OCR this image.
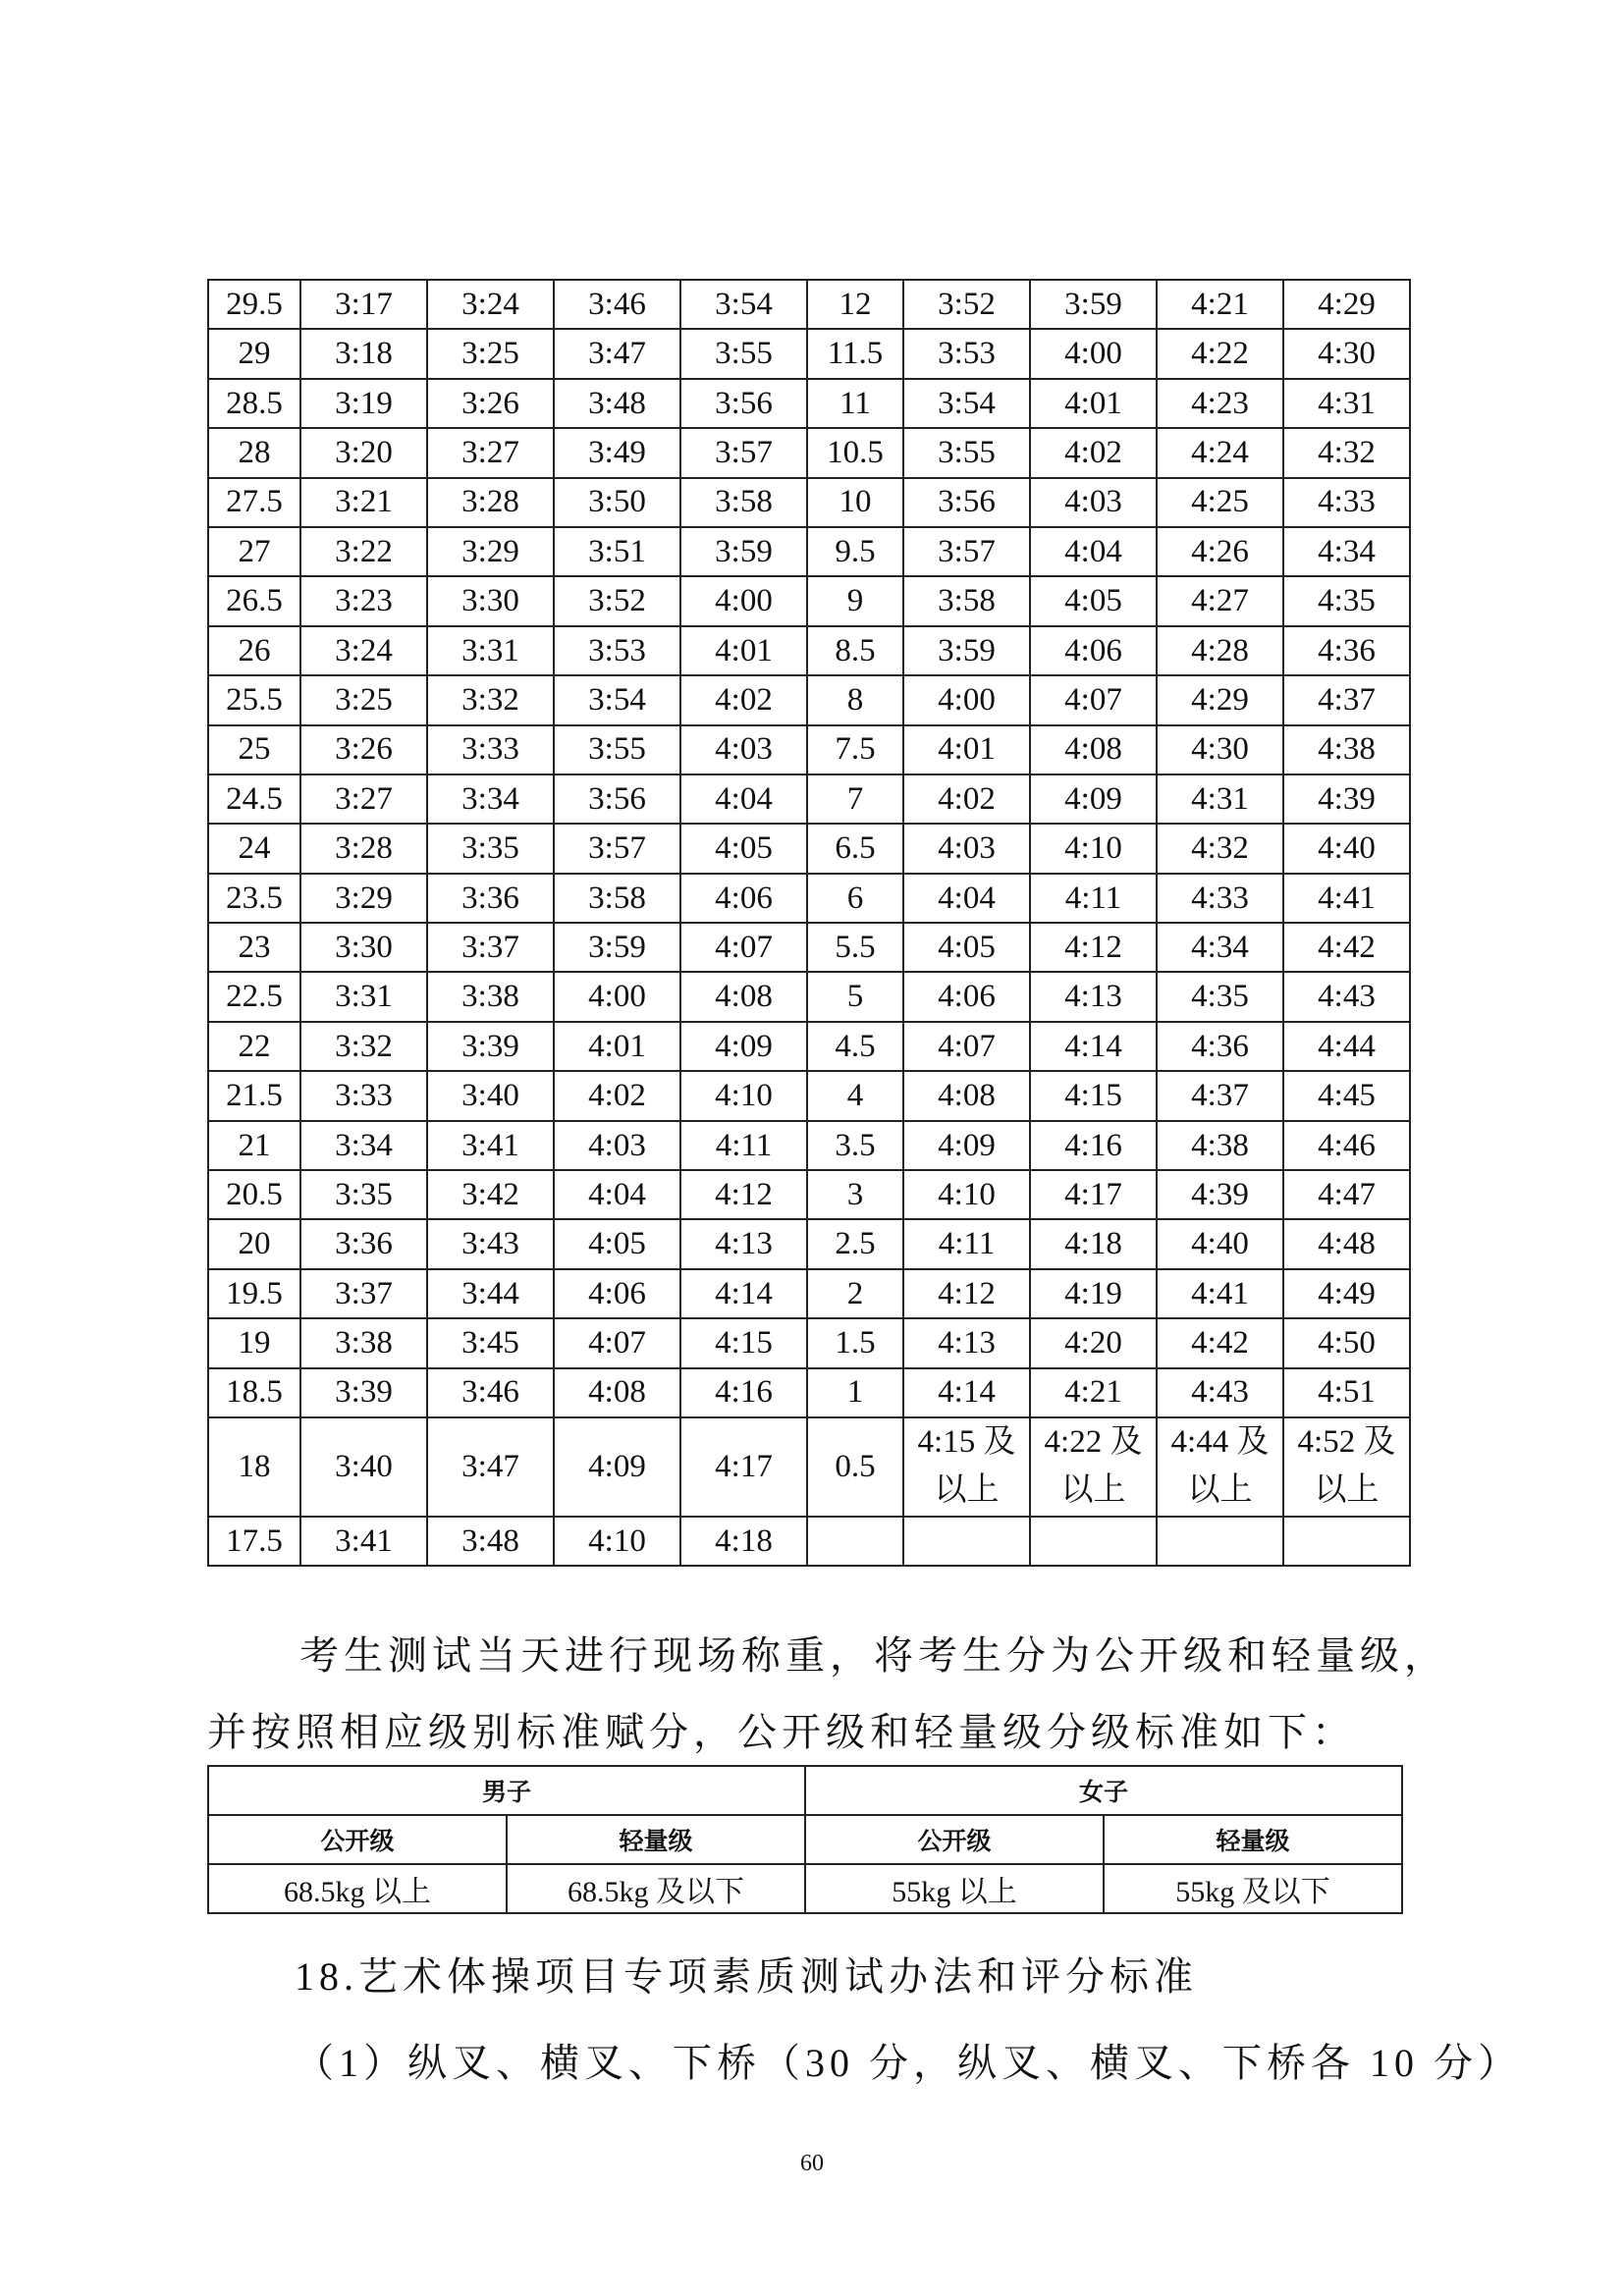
29.5	3:17	3:24	3:46	3:54	12	3:52	3:59	4:21	4:29
29	3:18	3:25	3:47	3:55	11.5	3:53	4:00	4:22	4:30
28.5	3:19	3:26	3:48	3:56	11	3:54	4:01	4:23	4:31
28	3:20	3:27	3:49	3:57	10.5	3:55	4:02	4:24	4:32
27.5	3:21	3:28	3:50	3:58	10	3:56	4:03	4:25	4:33
27	3:22	3:29	3:51	3:59	9.5	3:57	4:04	4:26	4:34
26.5	3:23	3:30	3:52	4:00	9	3:58	4:05	4:27	4:35
26	3:24	3:31	3:53	4:01	8.5	3:59	4:06	4:28	4:36
25.5	3:25	3:32	3:54	4:02	8	4:00	4:07	4:29	4:37
25	3:26	3:33	3:55	4:03	7.5	4:01	4:08	4:30	4:38
24.5	3:27	3:34	3:56	4:04	7	4:02	4:09	4:31	4:39
24	3:28	3:35	3:57	4:05	6.5	4:03	4:10	4:32	4:40
23.5	3:29	3:36	3:58	4:06	6	4:04	4:11	4:33	4:41
23	3:30	3:37	3:59	4:07	5.5	4:05	4:12	4:34	4:42
22.5	3:31	3:38	4:00	4:08	5	4:06	4:13	4:35	4:43
22	3:32	3:39	4:01	4:09	4.5	4:07	4:14	4:36	4:44
21.5	3:33	3:40	4:02	4:10	4	4:08	4:15	4:37	4:45
21	3:34	3:41	4:03	4:11	3.5	4:09	4:16	4:38	4:46
20.5	3:35	3:42	4:04	4:12	3	4:10	4:17	4:39	4:47
20	3:36	3:43	4:05	4:13	2.5	4:11	4:18	4:40	4:48
19.5	3:37	3:44	4:06	4:14	2	4:12	4:19	4:41	4:49
19	3:38	3:45	4:07	4:15	1.5	4:13	4:20	4:42	4:50
18.5	3:39	3:46	4:08	4:16	1	4:14	4:21	4:43	4:51
18	3:40	3:47	4:09	4:17	0.5	4:15 及以上	4:22 及以上	4:44 及以上	4:52 及以上
17.5	3:41	3:48	4:10	4:18					

考生测试当天进行现场称重，将考生分为公开级和轻量级，

并按照相应级别标准赋分，公开级和轻量级分级标准如下：

男子		女子	
公开级	轻量级	公开级	轻量级
68.5kg 以上	68.5kg 及以下	55kg 以上	55kg 及以下

18.艺术体操项目专项素质测试办法和评分标准

（1）纵叉、横叉、下桥（30 分，纵叉、横叉、下桥各 10 分）

60
